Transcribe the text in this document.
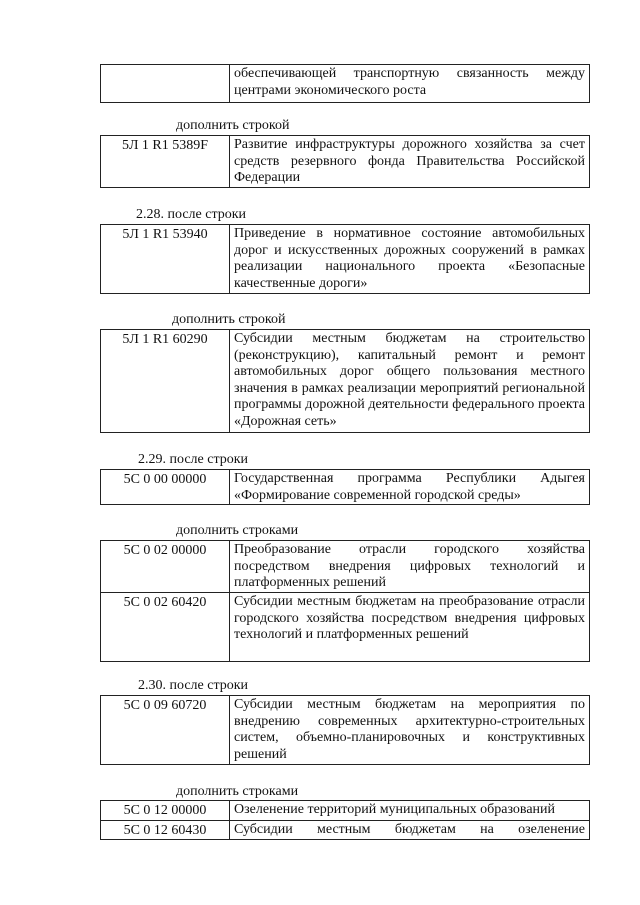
	обеспечивающей транспортную связанность между центрами экономического роста
дополнить строкой
5Л 1 R1 5389F	Развитие инфраструктуры дорожного хозяйства за счет средств резервного фонда Правительства Российской Федерации
2.28. после строки
5Л 1 R1 53940	Приведение в нормативное состояние автомобильных дорог и искусственных дорожных сооружений в рамках реализации национального проекта «Безопасные качественные дороги»
дополнить строкой
5Л 1 R1 60290	Субсидии местным бюджетам на строительство (реконструкцию), капитальный ремонт и ремонт автомобильных дорог общего пользования местного значения в рамках реализации мероприятий региональной программы дорожной деятельности федерального проекта «Дорожная сеть»
2.29. после строки
5С 0 00 00000	Государственная программа Республики Адыгея «Формирование современной городской среды»
дополнить строками
5С 0 02 00000	Преобразование отрасли городского хозяйства посредством внедрения цифровых технологий и платформенных решений
5С 0 02 60420	Субсидии местным бюджетам на преобразование отрасли городского хозяйства посредством внедрения цифровых технологий и платформенных решений
2.30. после строки
5С 0 09 60720	Субсидии местным бюджетам на мероприятия по внедрению современных архитектурно-строительных систем, объемно-планировочных и конструктивных решений
дополнить строками
5С 0 12 00000	Озеленение территорий муниципальных образований
5С 0 12 60430	Субсидии местным бюджетам на озеленение
